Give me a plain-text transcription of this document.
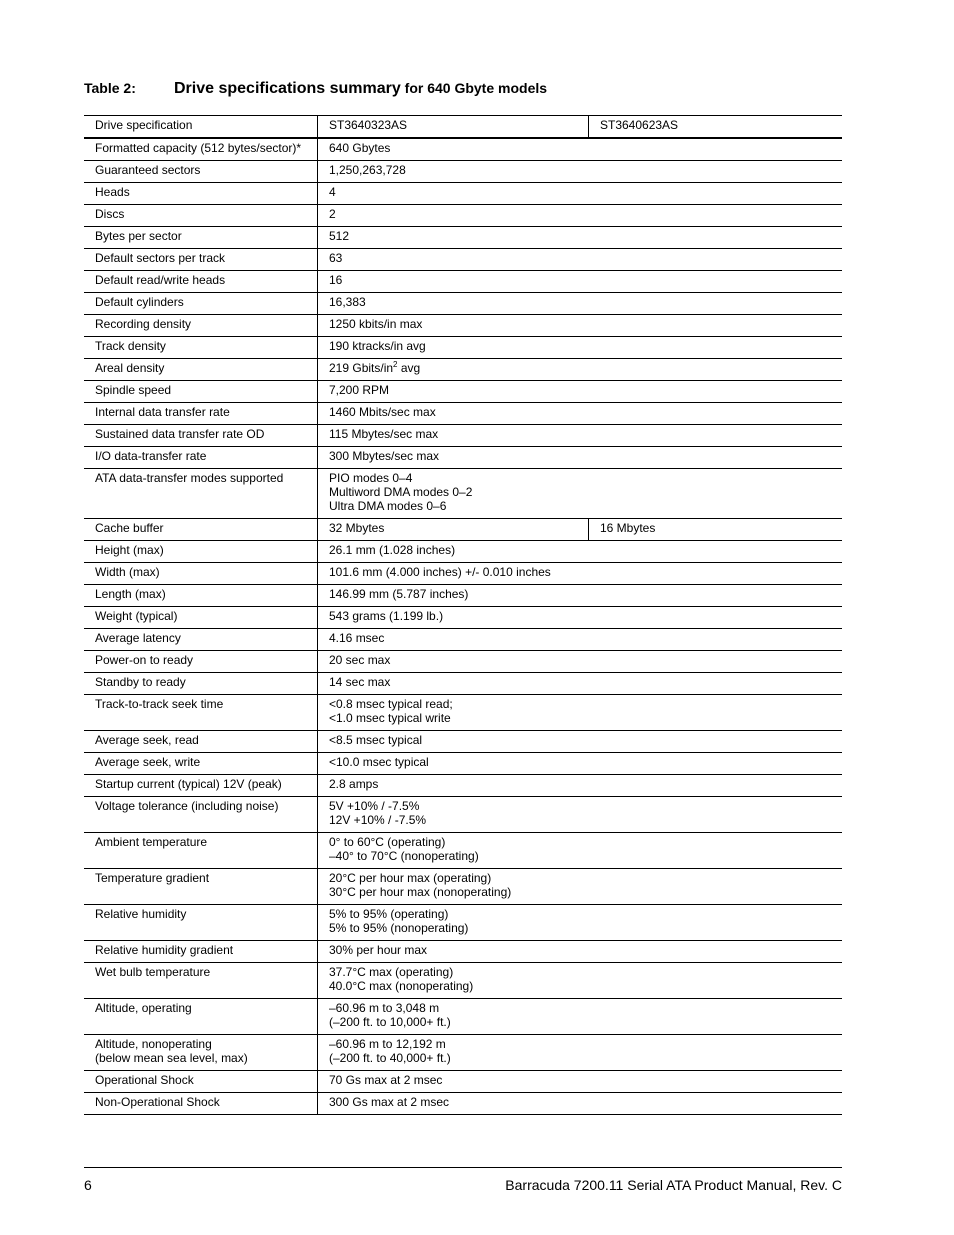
Table 2:	Drive specifications summary for 640 Gbyte models
Drive specification	ST3640323AS	ST3640623AS

Formatted capacity (512 bytes/sector)*	640 Gbytes	

Guaranteed sectors	1,250,263,728	

Heads	4	

Discs	2	

Bytes per sector	512	

Default sectors per track	63	

Default read/write heads	16	

Default cylinders	16,383	

Recording density	1250 kbits/in max	

Track density	190 ktracks/in avg	

Areal density	219 Gbits/$in^2$ avg	

Spindle speed	7,200 RPM	

Internal data transfer rate	1460 Mbits/sec max	

Sustained data transfer rate OD	115 Mbytes/sec max	

I/O data-transfer rate	300 Mbytes/sec max	

ATA data-transfer modes supported	PIO modes 0–4
Multiword DMA modes 0–2
Ultra DMA modes 0–6	

Cache buffer	32 Mbytes	16 Mbytes

Height (max)	26.1 mm (1.028 inches)	

Width (max)	101.6 mm (4.000 inches) +/- 0.010 inches	

Length (max)	146.99 mm (5.787 inches)	

Weight (typical)	543 grams (1.199 lb.)	

Average latency	4.16 msec	

Power-on to ready	20 sec max	

Standby to ready	14 sec max	

Track-to-track seek time	<0.8 msec typical read;
<1.0 msec typical write	

Average seek, read	<8.5 msec typical	

Average seek, write	<10.0 msec typical	

Startup current (typical) 12V (peak)	2.8 amps	

Voltage tolerance (including noise)	5V +10% / -7.5%
12V +10% / -7.5%	

Ambient temperature	0° to 60°C (operating)
–40° to 70°C (nonoperating)	

Temperature gradient	20°C per hour max (operating)
30°C per hour max (nonoperating)	

Relative humidity	5% to 95% (operating)
5% to 95% (nonoperating)	

Relative humidity gradient	30% per hour max	

Wet bulb temperature	37.7°C max (operating)
40.0°C max (nonoperating)	

Altitude, operating	–60.96 m to 3,048 m
(–200 ft. to 10,000+ ft.)	

Altitude, nonoperating
(below mean sea level, max)	–60.96 m to 12,192 m
(–200 ft. to 40,000+ ft.)	

Operational Shock	70 Gs max at 2 msec	

Non-Operational Shock	300 Gs max at 2 msec	
6	Barracuda 7200.11 Serial ATA Product Manual, Rev. C
